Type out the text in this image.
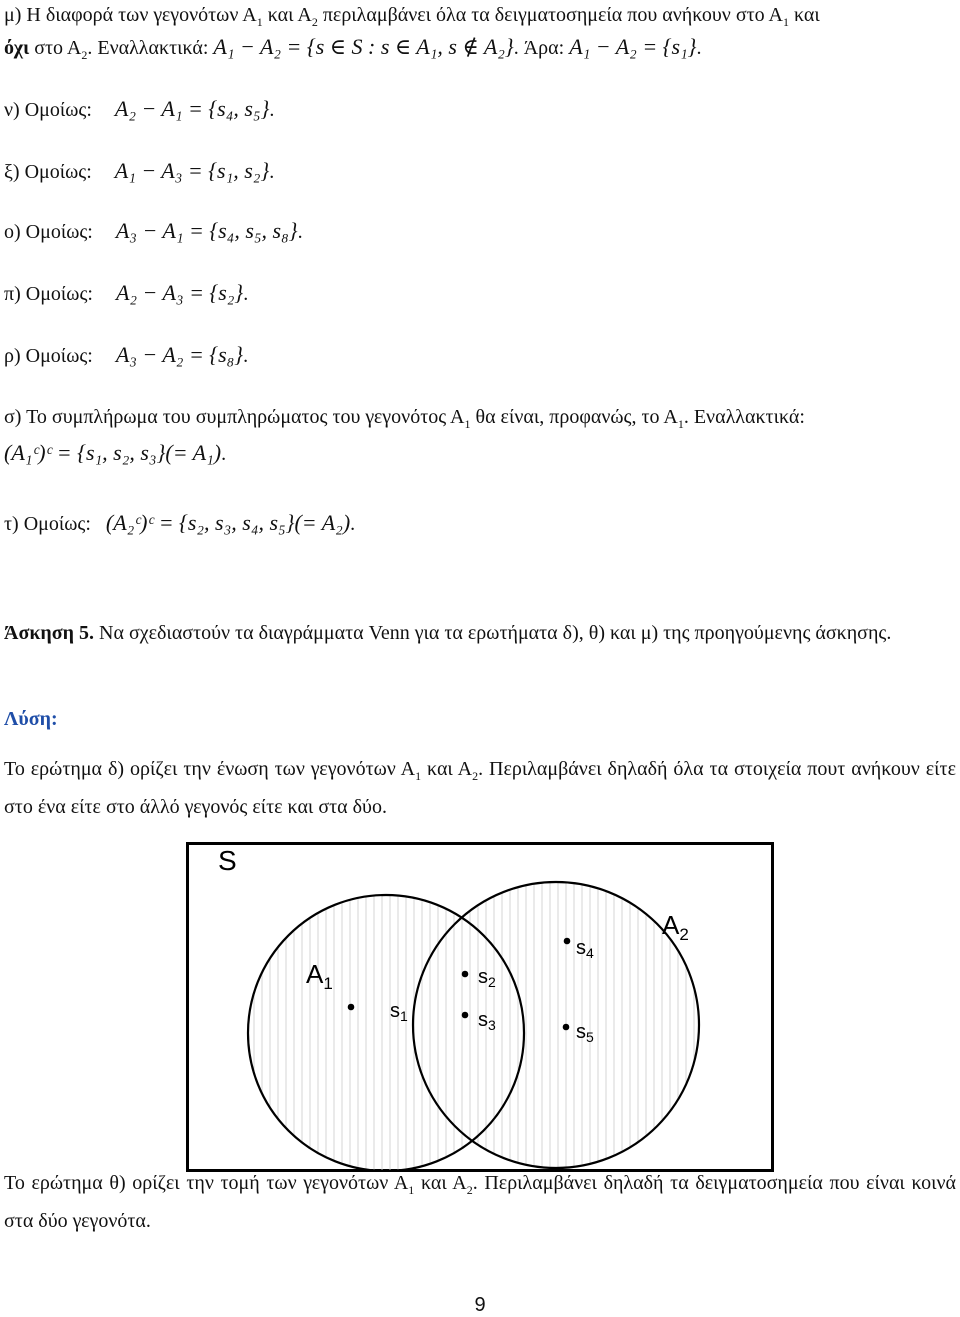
μ) Η διαφορά των γεγονότων $A_1$ και $A_2$ περιλαμβάνει όλα τα δειγματοσημεία που ανήκουν στο $A_1$ και
όχι στο $A_2$. Εναλλακτικά: A₁ − A₂ = {s ∈ S : s ∈ A₁, s ∉ A₂}. Άρα: A₁ − A₂ = {s₁}.
ν) Ομοίως: A₂ − A₁ = {s₄, s₅}.
ξ) Ομοίως: A₁ − A₃ = {s₁, s₂}.
ο) Ομοίως: A₃ − A₁ = {s₄, s₅, s₈}.
π) Ομοίως: A₂ − A₃ = {s₂}.
ρ) Ομοίως: A₃ − A₂ = {s₈}.
σ) Το συμπλήρωμα του συμπληρώματος του γεγονότος $A_1$ θα είναι, προφανώς, το $A_1$. Εναλλακτικά:
(A₁ᶜ)ᶜ = {s₁, s₂, s₃}(= A₁).
τ) Ομοίως: (A₂ᶜ)ᶜ = {s₂, s₃, s₄, s₅}(= A₂).
Άσκηση 5. Να σχεδιαστούν τα διαγράμματα Venn για τα ερωτήματα δ), θ) και μ) της προηγούμενης άσκησης.
Λύση:
Το ερώτημα δ) ορίζει την ένωση των γεγονότων $A_1$ και $A_2$. Περιλαμβάνει δηλαδή όλα τα στοιχεία πουτ ανήκουν είτε στο ένα είτε στο άλλό γεγονός είτε και στα δύο.
S
$A_1$
$A_2$
$s_1$
$s_2$
$s_3$
$s_4$
$s_5$
Το ερώτημα θ) ορίζει την τομή των γεγονότων $A_1$ και $A_2$. Περιλαμβάνει δηλαδή τα δειγματοσημεία που είναι κοινά στα δύο γεγονότα.
9
